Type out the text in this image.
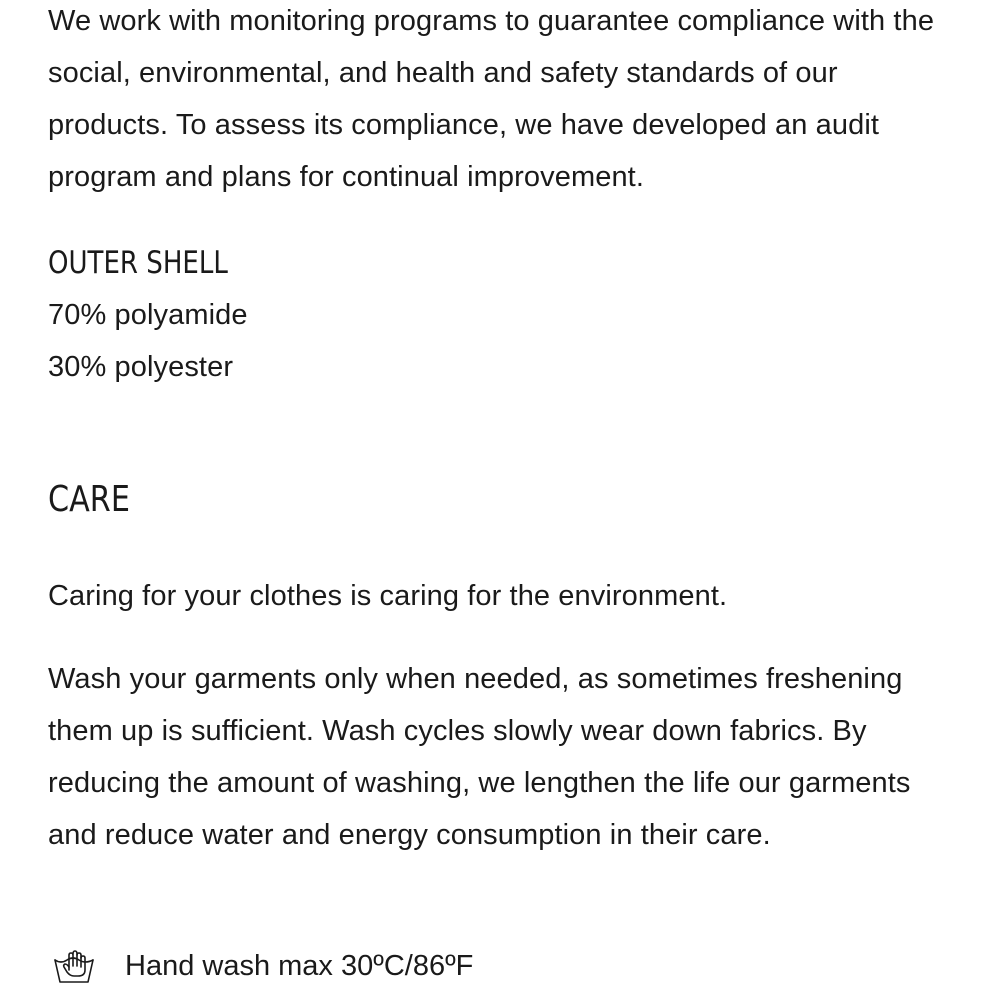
We work with monitoring programs to guarantee compliance with the social, environmental, and health and safety standards of our products. To assess its compliance, we have developed an audit program and plans for continual improvement.

OUTER SHELL

70% polyamide

30% polyester

CARE

Caring for your clothes is caring for the environment.

Wash your garments only when needed, as sometimes freshening them up is sufficient. Wash cycles slowly wear down fabrics. By reducing the amount of washing, we lengthen the life our garments and reduce water and energy consumption in their care.

Hand wash max 30ºC/86ºF
